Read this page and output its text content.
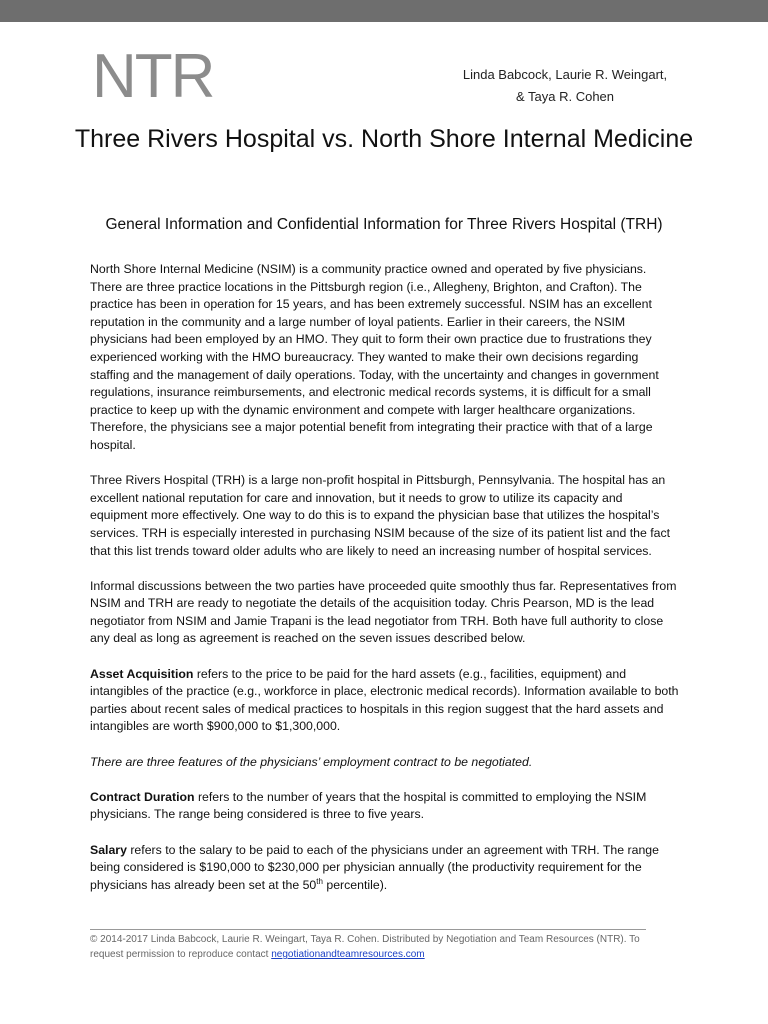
NTR	Linda Babcock, Laurie R. Weingart,
& Taya R. Cohen
Three Rivers Hospital vs. North Shore Internal Medicine
General Information and Confidential Information for Three Rivers Hospital (TRH)

North Shore Internal Medicine (NSIM) is a community practice owned and operated by five physicians. There are three practice locations in the Pittsburgh region (i.e., Allegheny, Brighton, and Crafton). The practice has been in operation for 15 years, and has been extremely successful. NSIM has an excellent reputation in the community and a large number of loyal patients. Earlier in their careers, the NSIM physicians had been employed by an HMO. They quit to form their own practice due to frustrations they experienced working with the HMO bureaucracy. They wanted to make their own decisions regarding staffing and the management of daily operations. Today, with the uncertainty and changes in government regulations, insurance reimbursements, and electronic medical records systems, it is difficult for a small practice to keep up with the dynamic environment and compete with larger healthcare organizations. Therefore, the physicians see a major potential benefit from integrating their practice with that of a large hospital.

Three Rivers Hospital (TRH) is a large non-profit hospital in Pittsburgh, Pennsylvania. The hospital has an excellent national reputation for care and innovation, but it needs to grow to utilize its capacity and equipment more effectively. One way to do this is to expand the physician base that utilizes the hospital’s services. TRH is especially interested in purchasing NSIM because of the size of its patient list and the fact that this list trends toward older adults who are likely to need an increasing number of hospital services.

Informal discussions between the two parties have proceeded quite smoothly thus far. Representatives from NSIM and TRH are ready to negotiate the details of the acquisition today. Chris Pearson, MD is the lead negotiator from NSIM and Jamie Trapani is the lead negotiator from TRH. Both have full authority to close any deal as long as agreement is reached on the seven issues described below.

Asset Acquisition refers to the price to be paid for the hard assets (e.g., facilities, equipment) and intangibles of the practice (e.g., workforce in place, electronic medical records). Information available to both parties about recent sales of medical practices to hospitals in this region suggest that the hard assets and intangibles are worth $900,000 to $1,300,000.

There are three features of the physicians’ employment contract to be negotiated.

Contract Duration refers to the number of years that the hospital is committed to employing the NSIM physicians. The range being considered is three to five years.

Salary refers to the salary to be paid to each of the physicians under an agreement with TRH. The range being considered is $190,000 to $230,000 per physician annually (the productivity requirement for the physicians has already been set at the 50th percentile).

© 2014-2017 Linda Babcock, Laurie R. Weingart, Taya R. Cohen. Distributed by Negotiation and Team Resources (NTR). To request permission to reproduce contact negotiationandteamresources.com
